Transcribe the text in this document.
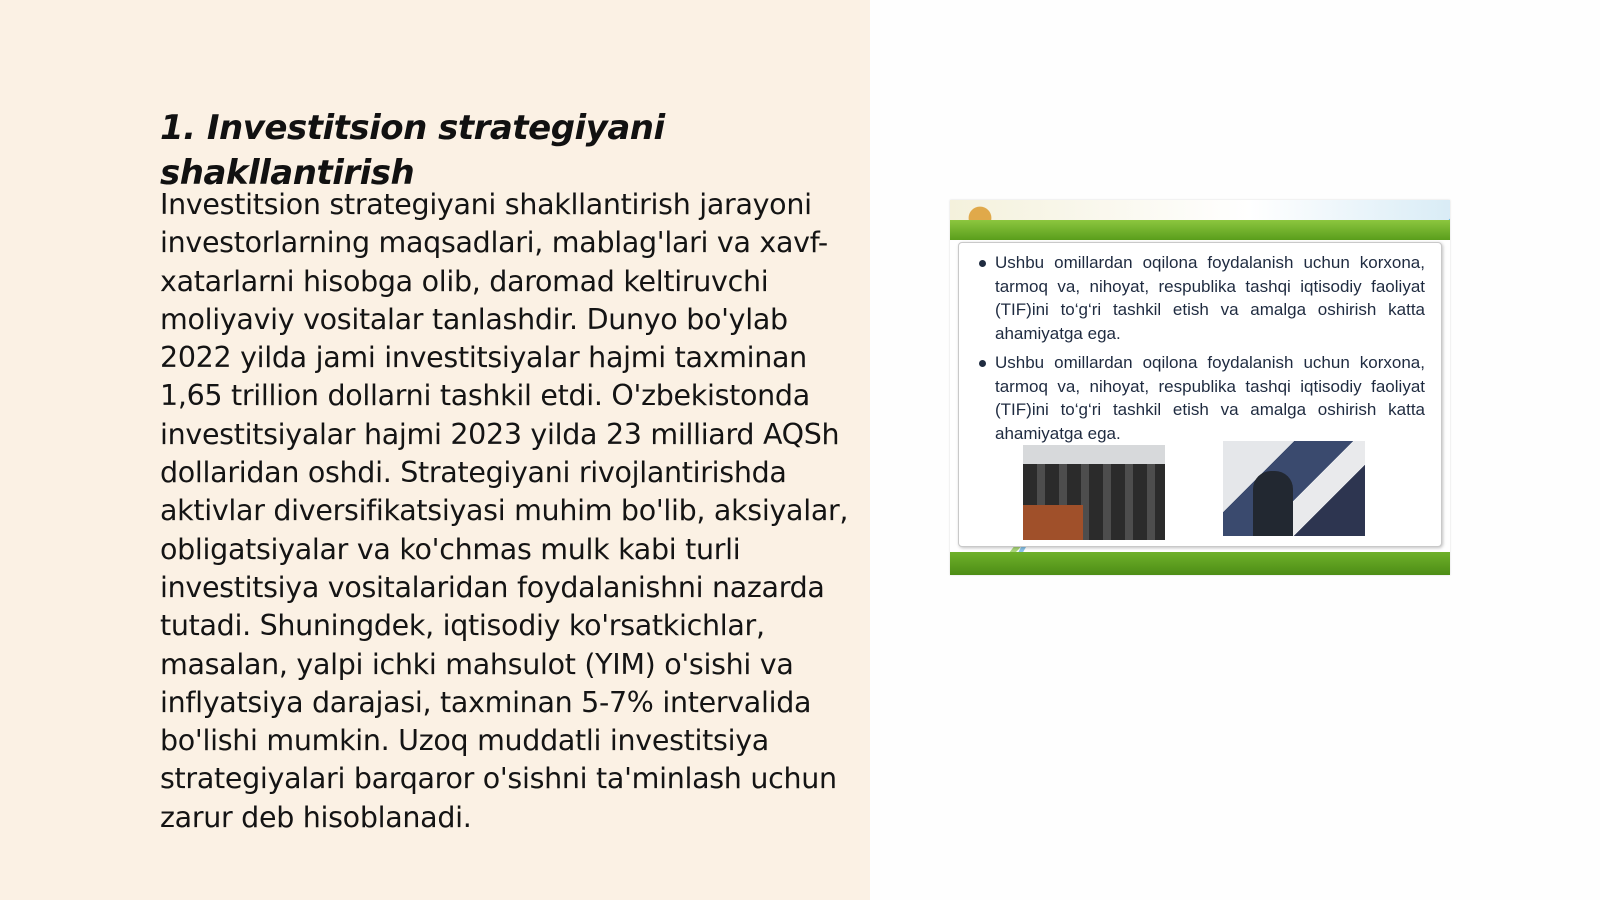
1. Investitsion strategiyani shakllantirish

Investitsion strategiyani shakllantirish jarayoni investorlarning maqsadlari, mablag'lari va xavf-xatarlarni hisobga olib, daromad keltiruvchi moliyaviy vositalar tanlashdir. Dunyo bo'ylab 2022 yilda jami investitsiyalar hajmi taxminan 1,65 trillion dollarni tashkil etdi. O'zbekistonda investitsiyalar hajmi 2023 yilda 23 milliard AQSh dollaridan oshdi. Strategiyani rivojlantirishda aktivlar diversifikatsiyasi muhim bo'lib, aksiyalar, obligatsiyalar va ko'chmas mulk kabi turli investitsiya vositalaridan foydalanishni nazarda tutadi. Shuningdek, iqtisodiy ko'rsatkichlar, masalan, yalpi ichki mahsulot (YIM) o'sishi va inflyatsiya darajasi, taxminan 5-7% intervalida bo'lishi mumkin. Uzoq muddatli investitsiya strategiyalari barqaror o'sishni ta'minlash uchun zarur deb hisoblanadi.

Ushbu omillardan oqilona foydalanish uchun korxona, tarmoq va, nihoyat, respublika tashqi iqtisodiy faoliyat (TIF)ini to‘g‘ri tashkil etish va amalga oshirish katta ahamiyatga ega.
Ushbu omillardan oqilona foydalanish uchun korxona, tarmoq va, nihoyat, respublika tashqi iqtisodiy faoliyat (TIF)ini to‘g‘ri tashkil etish va amalga oshirish katta ahamiyatga ega.
